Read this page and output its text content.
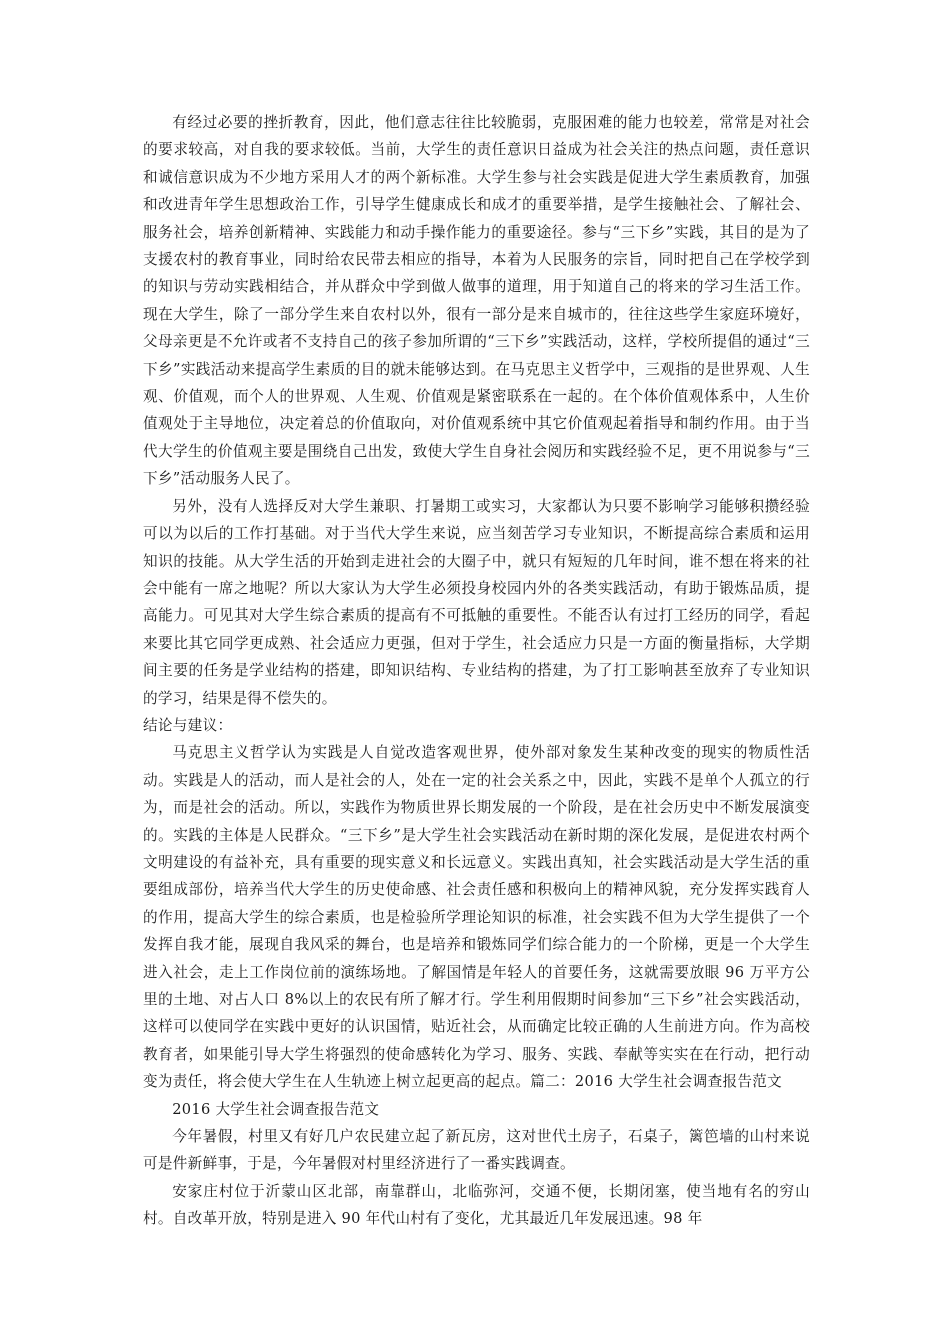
有经过必要的挫折教育，因此，他们意志往往比较脆弱，克服困难的能力也较差，常常是对社会的要求较高，对自我的要求较低。当前，大学生的责任意识日益成为社会关注的热点问题，责任意识和诚信意识成为不少地方采用人才的两个新标准。大学生参与社会实践是促进大学生素质教育，加强和改进青年学生思想政治工作，引导学生健康成长和成才的重要举措，是学生接触社会、了解社会、服务社会，培养创新精神、实践能力和动手操作能力的重要途径。参与“三下乡”实践，其目的是为了支援农村的教育事业，同时给农民带去相应的指导，本着为人民服务的宗旨，同时把自己在学校学到的知识与劳动实践相结合，并从群众中学到做人做事的道理，用于知道自己的将来的学习生活工作。现在大学生，除了一部分学生来自农村以外，很有一部分是来自城市的，往往这些学生家庭环境好，父母亲更是不允许或者不支持自己的孩子参加所谓的“三下乡”实践活动，这样，学校所提倡的通过“三下乡”实践活动来提高学生素质的目的就未能够达到。在马克思主义哲学中，三观指的是世界观、人生观、价值观，而个人的世界观、人生观、价值观是紧密联系在一起的。在个体价值观体系中，人生价值观处于主导地位，决定着总的价值取向，对价值观系统中其它价值观起着指导和制约作用。由于当代大学生的价值观主要是围绕自己出发，致使大学生自身社会阅历和实践经验不足，更不用说参与“三下乡”活动服务人民了。

另外，没有人选择反对大学生兼职、打暑期工或实习，大家都认为只要不影响学习能够积攒经验可以为以后的工作打基础。对于当代大学生来说，应当刻苦学习专业知识，不断提高综合素质和运用知识的技能。从大学生活的开始到走进社会的大圈子中，就只有短短的几年时间，谁不想在将来的社会中能有一席之地呢？所以大家认为大学生必须投身校园内外的各类实践活动，有助于锻炼品质，提高能力。可见其对大学生综合素质的提高有不可抵触的重要性。不能否认有过打工经历的同学，看起来要比其它同学更成熟、社会适应力更强，但对于学生，社会适应力只是一方面的衡量指标，大学期间主要的任务是学业结构的搭建，即知识结构、专业结构的搭建，为了打工影响甚至放弃了专业知识的学习，结果是得不偿失的。

结论与建议：

马克思主义哲学认为实践是人自觉改造客观世界，使外部对象发生某种改变的现实的物质性活动。实践是人的活动，而人是社会的人，处在一定的社会关系之中，因此，实践不是单个人孤立的行为，而是社会的活动。所以，实践作为物质世界长期发展的一个阶段，是在社会历史中不断发展演变的。实践的主体是人民群众。“三下乡”是大学生社会实践活动在新时期的深化发展，是促进农村两个文明建设的有益补充，具有重要的现实意义和长远意义。实践出真知，社会实践活动是大学生活的重要组成部份，培养当代大学生的历史使命感、社会责任感和积极向上的精神风貌，充分发挥实践育人的作用，提高大学生的综合素质，也是检验所学理论知识的标准，社会实践不但为大学生提供了一个发挥自我才能，展现自我风采的舞台，也是培养和锻炼同学们综合能力的一个阶梯，更是一个大学生进入社会，走上工作岗位前的演练场地。了解国情是年轻人的首要任务，这就需要放眼 96 万平方公里的土地、对占人口 8%以上的农民有所了解才行。学生利用假期时间参加“三下乡”社会实践活动，这样可以使同学在实践中更好的认识国情，贴近社会，从而确定比较正确的人生前进方向。作为高校教育者，如果能引导大学生将强烈的使命感转化为学习、服务、实践、奉献等实实在在行动，把行动变为责任，将会使大学生在人生轨迹上树立起更高的起点。篇二：2016 大学生社会调查报告范文

2016 大学生社会调查报告范文

今年暑假，村里又有好几户农民建立起了新瓦房，这对世代土房子，石桌子，篱笆墙的山村来说可是件新鲜事，于是，今年暑假对村里经济进行了一番实践调查。

安家庄村位于沂蒙山区北部，南靠群山，北临弥河，交通不便，长期闭塞，使当地有名的穷山村。自改革开放，特别是进入 90 年代山村有了变化，尤其最近几年发展迅速。98 年
